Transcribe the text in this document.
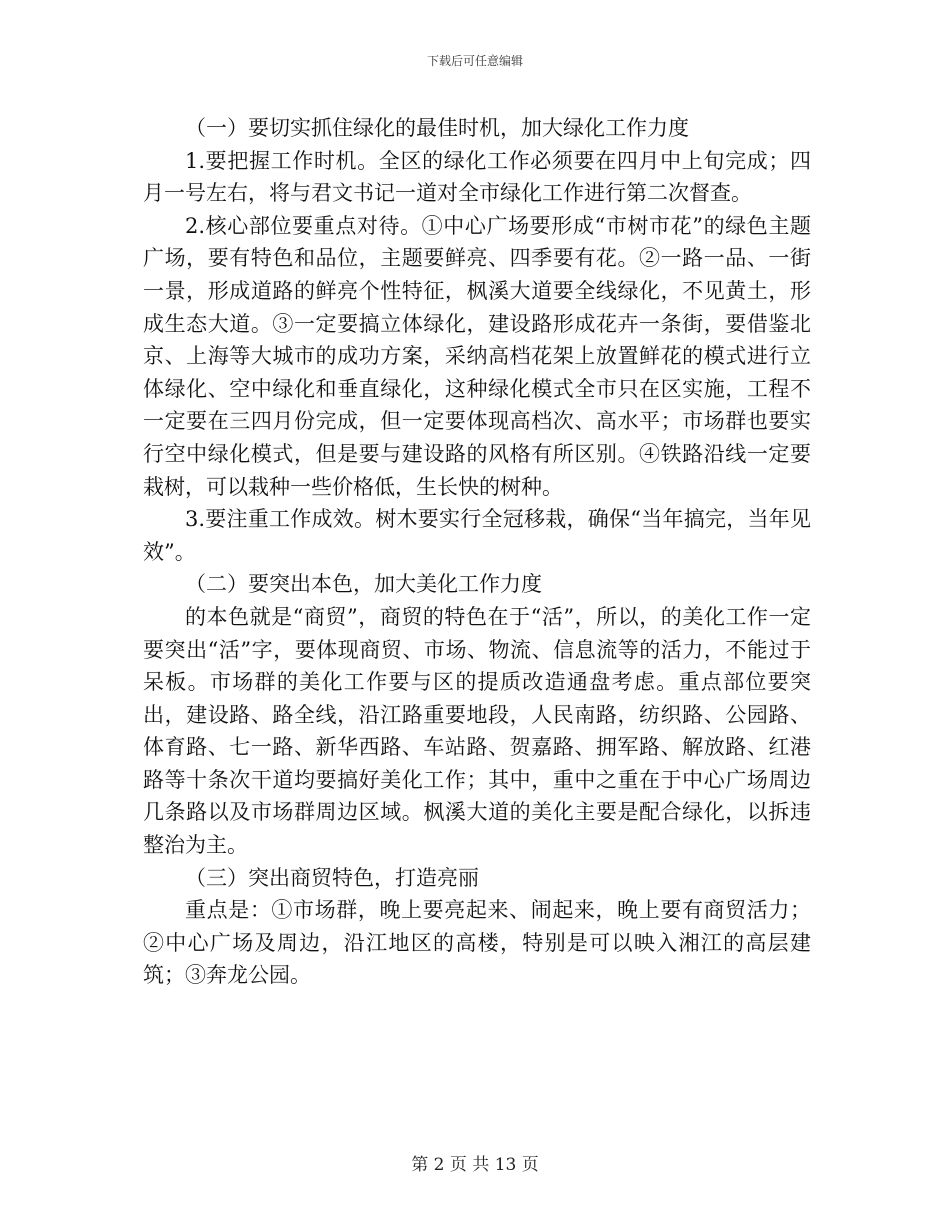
下载后可任意编辑

（一）要切实抓住绿化的最佳时机，加大绿化工作力度

1.要把握工作时机。全区的绿化工作必须要在四月中上旬完成；四月一号左右，将与君文书记一道对全市绿化工作进行第二次督查。

2.核心部位要重点对待。①中心广场要形成“市树市花”的绿色主题广场，要有特色和品位，主题要鲜亮、四季要有花。②一路一品、一街一景，形成道路的鲜亮个性特征，枫溪大道要全线绿化，不见黄土，形成生态大道。③一定要搞立体绿化，建设路形成花卉一条街，要借鉴北京、上海等大城市的成功方案，采纳高档花架上放置鲜花的模式进行立体绿化、空中绿化和垂直绿化，这种绿化模式全市只在区实施，工程不一定要在三四月份完成，但一定要体现高档次、高水平；市场群也要实行空中绿化模式，但是要与建设路的风格有所区别。④铁路沿线一定要栽树，可以栽种一些价格低，生长快的树种。

3.要注重工作成效。树木要实行全冠移栽，确保“当年搞完，当年见效”。

（二）要突出本色，加大美化工作力度

的本色就是“商贸”，商贸的特色在于“活”，所以，的美化工作一定要突出“活”字，要体现商贸、市场、物流、信息流等的活力，不能过于呆板。市场群的美化工作要与区的提质改造通盘考虑。重点部位要突出，建设路、路全线，沿江路重要地段，人民南路，纺织路、公园路、体育路、七一路、新华西路、车站路、贺嘉路、拥军路、解放路、红港路等十条次干道均要搞好美化工作；其中，重中之重在于中心广场周边几条路以及市场群周边区域。枫溪大道的美化主要是配合绿化，以拆违整治为主。

（三）突出商贸特色，打造亮丽

重点是：①市场群，晚上要亮起来、闹起来，晚上要有商贸活力；②中心广场及周边，沿江地区的高楼，特别是可以映入湘江的高层建筑；③奔龙公园。

第 2 页 共 13 页
